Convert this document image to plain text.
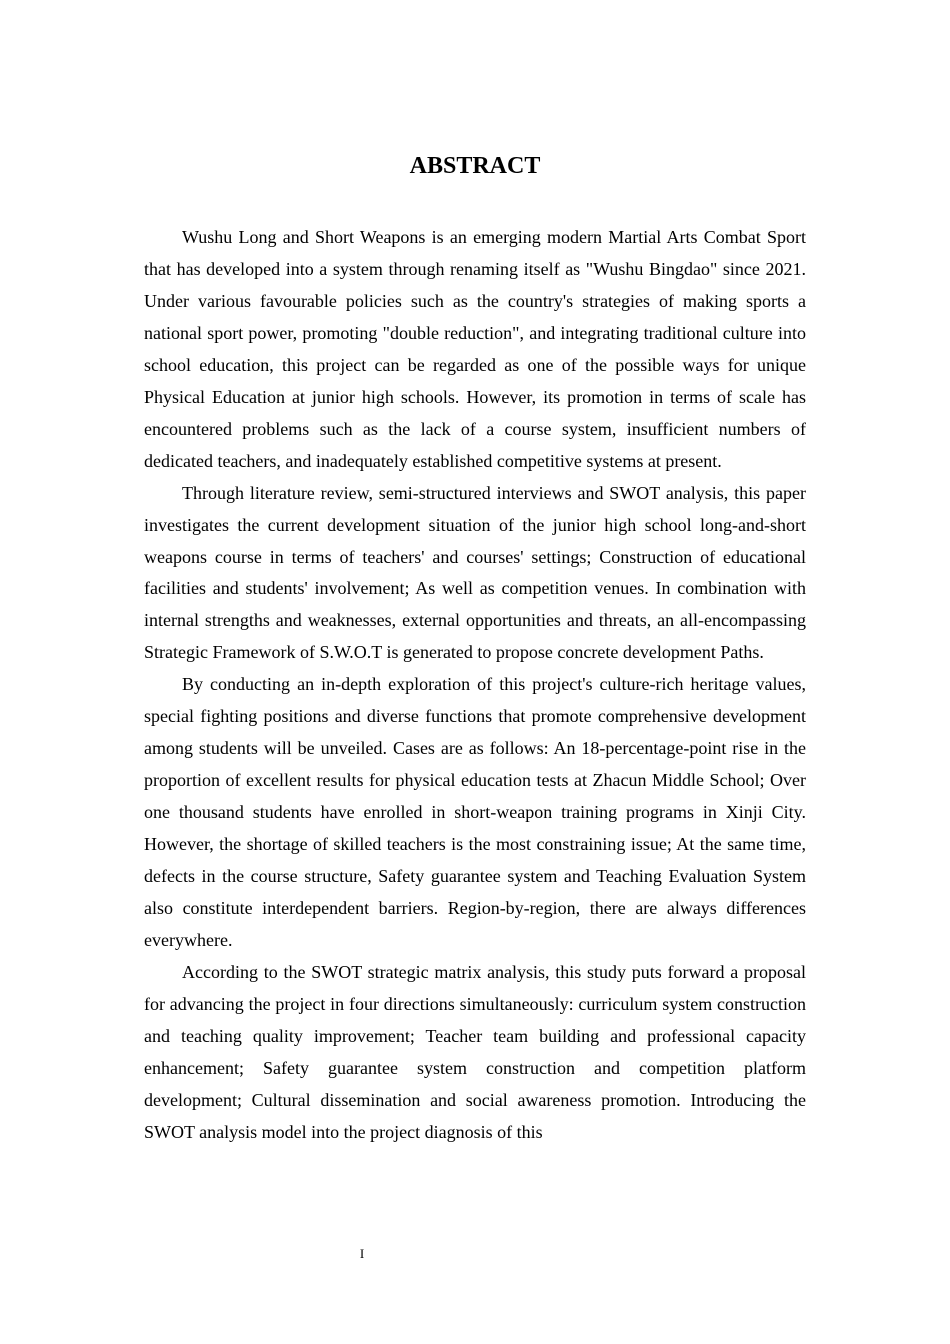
ABSTRACT

Wushu Long and Short Weapons is an emerging modern Martial Arts Combat Sport that has developed into a system through renaming itself as "Wushu Bingdao" since 2021. Under various favourable policies such as the country's strategies of making sports a national sport power, promoting "double reduction", and integrating traditional culture into school education, this project can be regarded as one of the possible ways for unique Physical Education at junior high schools. However, its promotion in terms of scale has encountered problems such as the lack of a course system, insufficient numbers of dedicated teachers, and inadequately established competitive systems at present.

Through literature review, semi-structured interviews and SWOT analysis, this paper investigates the current development situation of the junior high school long-and-short weapons course in terms of teachers' and courses' settings; Construction of educational facilities and students' involvement; As well as competition venues. In combination with internal strengths and weaknesses, external opportunities and threats, an all-encompassing Strategic Framework of S.W.O.T is generated to propose concrete development Paths.

By conducting an in-depth exploration of this project's culture-rich heritage values, special fighting positions and diverse functions that promote comprehensive development among students will be unveiled. Cases are as follows: An 18-percentage-point rise in the proportion of excellent results for physical education tests at Zhacun Middle School; Over one thousand students have enrolled in short-weapon training programs in Xinji City. However, the shortage of skilled teachers is the most constraining issue; At the same time, defects in the course structure, Safety guarantee system and Teaching Evaluation System also constitute interdependent barriers. Region-by-region, there are always differences everywhere.

According to the SWOT strategic matrix analysis, this study puts forward a proposal for advancing the project in four directions simultaneously: curriculum system construction and teaching quality improvement; Teacher team building and professional capacity enhancement; Safety guarantee system construction and competition platform development; Cultural dissemination and social awareness promotion. Introducing the SWOT analysis model into the project diagnosis of this

I
